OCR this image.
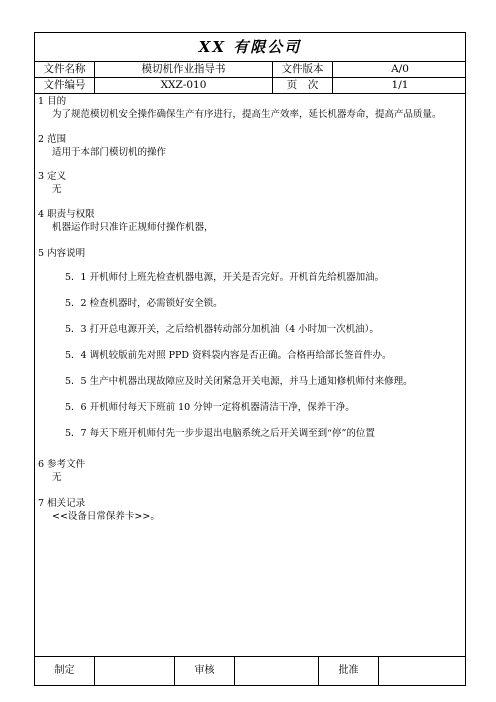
XX 有限公司
文件名称	模切机作业指导书	文件版本	A/0
文件编号	XXZ-010	页　次	1/1
1 目的
为了规范模切机安全操作确保生产有序进行，提高生产效率，延长机器寿命，提高产品质量。
2 范围
适用于本部门模切机的操作
3 定义
无
4 职责与权限
机器运作时只准许正规师付操作机器，
5 内容说明
5．1 开机师付上班先检查机器电源，开关是否完好。开机首先给机器加油。
5．2 检查机器时，必需锁好安全锁。
5．3 打开总电源开关，之后给机器转动部分加机油（4 小时加一次机油）。
5．4 调机较版前先对照 PPD 资料袋内容是否正确。合格再给部长签首件办。
5．5 生产中机器出现故障应及时关闭紧急开关电源，并马上通知修机师付来修理。
5．6 开机师付每天下班前 10 分钟一定将机器清洁干净，保养干净。
5．7 每天下班开机师付先一步步退出电脑系统之后开关调至到“停”的位置
6 参考文件
无
7 相关记录
<<设备日常保养卡>>。
制定	审核	批准
